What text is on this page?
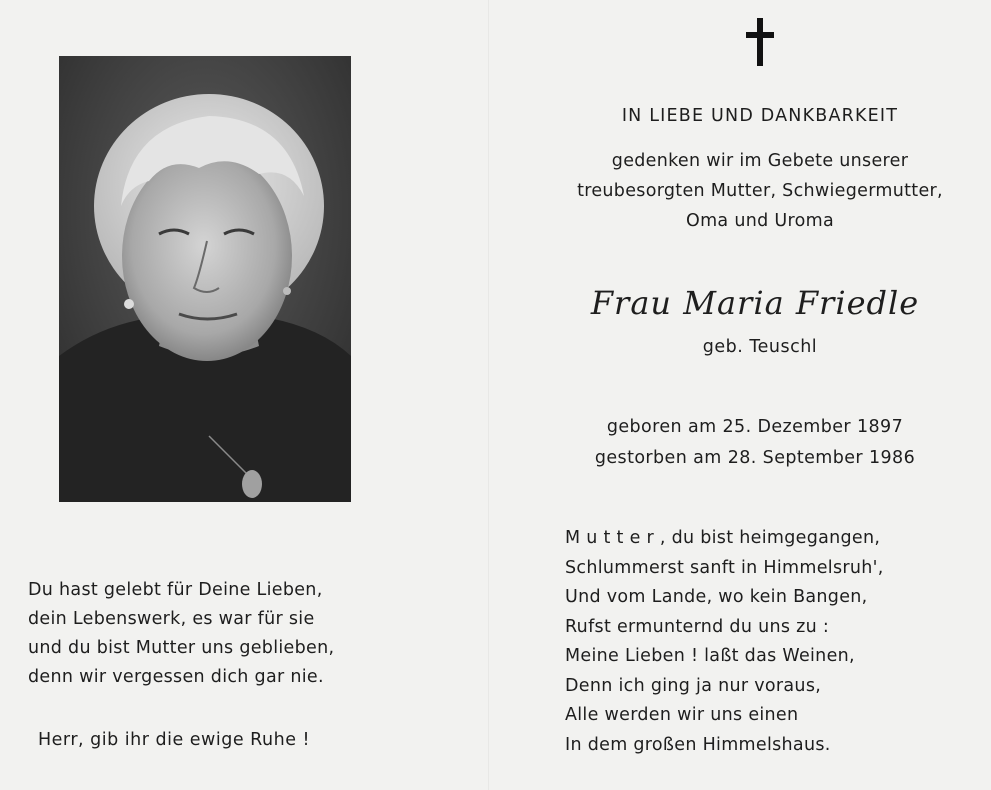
Du hast gelebt für Deine Lieben,
dein Lebenswerk, es war für sie
und du bist Mutter uns geblieben,
denn wir vergessen dich gar nie.
Herr, gib ihr die ewige Ruhe !
IN LIEBE UND DANKBARKEIT
gedenken wir im Gebete unserer
treubesorgten Mutter, Schwiegermutter,
Oma und Uroma
Frau Maria Friedle
geb. Teuschl
geboren am 25. Dezember 1897
gestorben am 28. September 1986
M u t t e r , du bist heimgegangen,
Schlummerst sanft in Himmelsruh',
Und vom Lande, wo kein Bangen,
Rufst ermunternd du uns zu :
Meine Lieben ! laßt das Weinen,
Denn ich ging ja nur voraus,
Alle werden wir uns einen
In dem großen Himmelshaus.
